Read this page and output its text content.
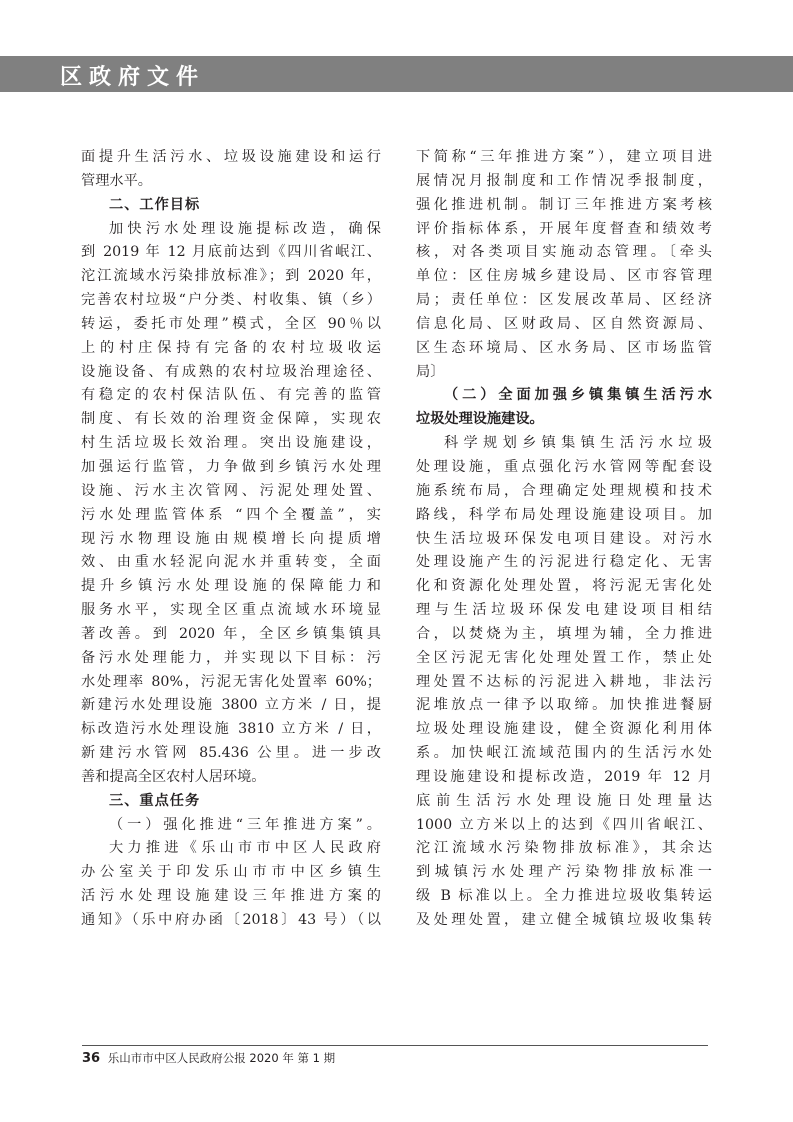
区政府文件
面提升生活污水、垃圾设施建设和运行
管理水平。
二、工作目标
加快污水处理设施提标改造，确保
到 2019 年 12 月底前达到《四川省岷江、
沱江流域水污染排放标准》；到 2020 年，
完善农村垃圾“户分类、村收集、镇（乡）
转运，委托市处理”模式，全区 90％以
上的村庄保持有完备的农村垃圾收运
设施设备、有成熟的农村垃圾治理途径、
有稳定的农村保洁队伍、有完善的监管
制度、有长效的治理资金保障，实现农
村生活垃圾长效治理。突出设施建设，
加强运行监管，力争做到乡镇污水处理
设施、污水主次管网、污泥处理处置、
污水处理监管体系 “四个全覆盖”，实
现污水物理设施由规模增长向提质增
效、由重水轻泥向泥水并重转变，全面
提升乡镇污水处理设施的保障能力和
服务水平，实现全区重点流域水环境显
著改善。到 2020 年，全区乡镇集镇具
备污水处理能力，并实现以下目标：污
水处理率 80%，污泥无害化处置率 60%；
新建污水处理设施 3800 立方米 / 日，提
标改造污水处理设施 3810 立方米 / 日，
新建污水管网 85.436 公里。进一步改
善和提高全区农村人居环境。
三、重点任务
（一）强化推进“三年推进方案”。
大力推进《乐山市市中区人民政府
办公室关于印发乐山市市中区乡镇生
活污水处理设施建设三年推进方案的
通知》（乐中府办函〔2018〕43 号）（以
下简称“三年推进方案”），建立项目进
展情况月报制度和工作情况季报制度，
强化推进机制。制订三年推进方案考核
评价指标体系，开展年度督查和绩效考
核，对各类项目实施动态管理。〔牵头
单位：区住房城乡建设局、区市容管理
局；责任单位：区发展改革局、区经济
信息化局、区财政局、区自然资源局、
区生态环境局、区水务局、区市场监管
局〕
（二）全面加强乡镇集镇生活污水
垃圾处理设施建设。
科学规划乡镇集镇生活污水垃圾
处理设施，重点强化污水管网等配套设
施系统布局，合理确定处理规模和技术
路线，科学布局处理设施建设项目。加
快生活垃圾环保发电项目建设。对污水
处理设施产生的污泥进行稳定化、无害
化和资源化处理处置，将污泥无害化处
理与生活垃圾环保发电建设项目相结
合，以焚烧为主，填埋为辅，全力推进
全区污泥无害化处理处置工作，禁止处
理处置不达标的污泥进入耕地，非法污
泥堆放点一律予以取缔。加快推进餐厨
垃圾处理设施建设，健全资源化利用体
系。加快岷江流域范围内的生活污水处
理设施建设和提标改造，2019 年 12 月
底前生活污水处理设施日处理量达
1000 立方米以上的达到《四川省岷江、
沱江流域水污染物排放标准》，其余达
到城镇污水处理产污染物排放标准一
级 B 标准以上。全力推进垃圾收集转运
及处理处置，建立健全城镇垃圾收集转
36 乐山市市中区人民政府公报 2020 年 第 1 期
